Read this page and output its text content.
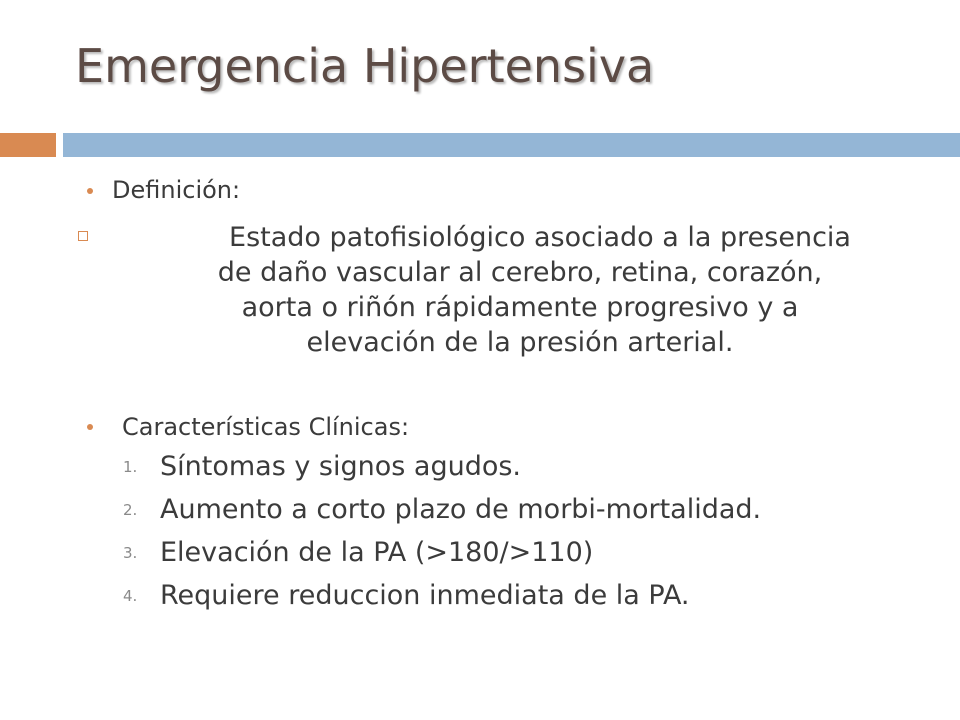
Emergencia Hipertensiva
Definición:
Estado patofisiológico asociado a la presencia
de daño vascular al cerebro, retina, corazón,
aorta o riñón rápidamente progresivo y a
elevación de la presión arterial.
Características Clínicas:
1. Síntomas y signos agudos.
2. Aumento a corto plazo de morbi-mortalidad.
3. Elevación de la PA (>180/>110)
4. Requiere reduccion inmediata de la PA.
